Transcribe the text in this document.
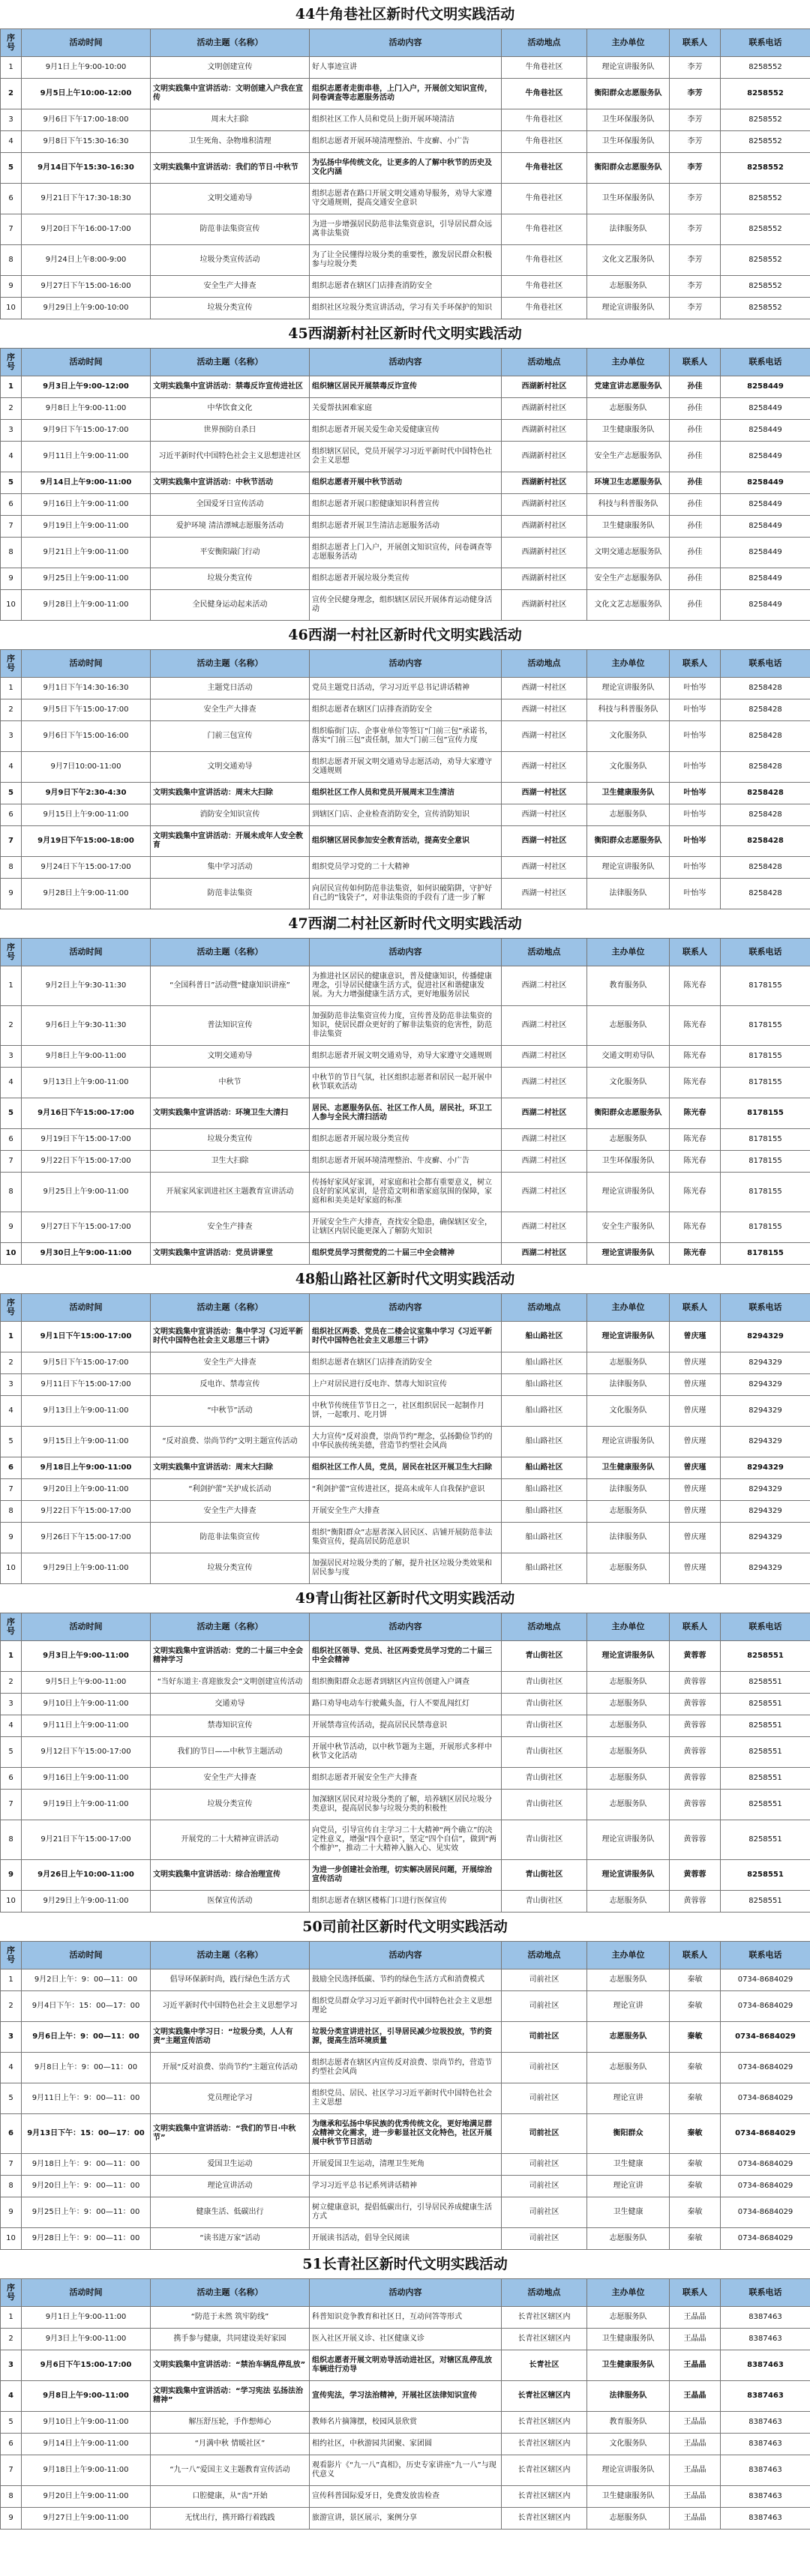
44牛角巷社区新时代文明实践活动
序号	活动时间	活动主题（名称）	活动内容	活动地点	主办单位	联系人	联系电话
1	9月1日上午9:00-10:00	文明创建宣传	好人事迹宣讲	牛角巷社区	理论宣讲服务队	李芳	8258552
2	9月5日上午10:00-12:00	文明实践集中宣讲活动：文明创建入户我在宣传	组织志愿者走街串巷，上门入户，开展创文知识宣传，问卷调查等志愿服务活动	牛角巷社区	衡阳群众志愿服务队	李芳	8258552
3	9月6日下午17:00-18:00	周末大扫除	组织社区工作人员和党员上街开展环境清洁	牛角巷社区	卫生环保服务队	李芳	8258552
4	9月8日下午15:30-16:30	卫生死角、杂物堆积清理	组织志愿者开展环境清理整治、牛皮癣、小广告	牛角巷社区	卫生环保服务队	李芳	8258552
5	9月14日下午15:30-16:30	文明实践集中宣讲活动：我们的节日·中秋节	为弘扬中华传统文化，让更多的人了解中秋节的历史及文化内涵	牛角巷社区	衡阳群众志愿服务队	李芳	8258552
6	9月21日下午17:30-18:30	文明交通劝导	组织志愿者在路口开展文明交通劝导服务，劝导大家遵守交通规则，提高交通安全意识	牛角巷社区	卫生环保服务队	李芳	8258552
7	9月20日下午16:00-17:00	防范非法集资宣传	为进一步增强居民防范非法集资意识，引导居民群众远离非法集资	牛角巷社区	法律服务队	李芳	8258552
8	9月24日上午8:00-9:00	垃圾分类宣传活动	为了让全民懂得垃圾分类的重要性，激发居民群众积极参与垃圾分类	牛角巷社区	文化文艺服务队	李芳	8258552
9	9月27日下午15:00-16:00	安全生产大排查	组织志愿者在辖区门店排查消防安全	牛角巷社区	志愿服务队	李芳	8258552
10	9月29日上午9:00-10:00	垃圾分类宣传	组织社区垃圾分类宣讲活动，学习有关手环保护的知识	牛角巷社区	理论宣讲服务队	李芳	8258552
45西湖新村社区新时代文明实践活动
序号	活动时间	活动主题（名称）	活动内容	活动地点	主办单位	联系人	联系电话
1	9月3日上午9:00-12:00	文明实践集中宣讲活动：禁毒反诈宣传进社区	组织辖区居民开展禁毒反诈宣传	西湖新村社区	党建宣讲志愿服务队	孙佳	8258449
2	9月8日上午9:00-11:00	中华饮食文化	关爱帮扶困难家庭	西湖新村社区	志愿服务队	孙佳	8258449
3	9月9日下午15:00-17:00	世界预防自杀日	组织志愿者开展关爱生命关爱健康宣传	西湖新村社区	卫生健康服务队	孙佳	8258449
4	9月11日上午9:00-11:00	习近平新时代中国特色社会主义思想进社区	组织辖区居民，党员开展学习习近平新时代中国特色社会主义思想	西湖新村社区	安全生产志愿服务队	孙佳	8258449
5	9月14日上午9:00-11:00	文明实践集中宣讲活动：中秋节活动	组织志愿者开展中秋节活动	西湖新村社区	环境卫生志愿服务队	孙佳	8258449
6	9月16日上午9:00-11:00	全国爱牙日宣传活动	组织志愿者开展口腔健康知识科普宣传	西湖新村社区	科技与科普服务队	孙佳	8258449
7	9月19日上午9:00-11:00	爱护环境 清洁漂城志愿服务活动	组织志愿者开展卫生清洁志愿服务活动	西湖新村社区	卫生健康服务队	孙佳	8258449
8	9月21日上午9:00-11:00	平安衡阳敲门行动	组织志愿者上门入户，开展创文知识宣传，问卷调查等志愿服务活动	西湖新村社区	文明交通志愿服务队	孙佳	8258449
9	9月25日上午9:00-11:00	垃圾分类宣传	组织志愿者开展垃圾分类宣传	西湖新村社区	安全生产志愿服务队	孙佳	8258449
10	9月28日上午9:00-11:00	全民健身运动起来活动	宣传全民健身理念，组织辖区居民开展体育运动健身活动	西湖新村社区	文化文艺志愿服务队	孙佳	8258449
46西湖一村社区新时代文明实践活动
序号	活动时间	活动主题（名称）	活动内容	活动地点	主办单位	联系人	联系电话
1	9月1日下午14:30-16:30	主题党日活动	党员主题党日活动，学习习近平总书记讲话精神	西湖一村社区	理论宣讲服务队	叶怡岑	8258428
2	9月5日下午15:00-17:00	安全生产大排查	组织志愿者在辖区门店排查消防安全	西湖一村社区	科技与科普服务队	叶怡岑	8258428
3	9月6日下午15:00-16:00	门前三包宣传	组织临街门店、企事业单位等签订“门前三包”承诺书，落实“门前三包”责任制，加大“门前三包”宣传力度	西湖一村社区	文化服务队	叶怡岑	8258428
4	9月7日10:00-11:00	文明交通劝导	组织志愿者开展文明交通劝导志愿活动，劝导大家遵守交通规则	西湖一村社区	文化服务队	叶怡岑	8258428
5	9月9日下午2:30-4:30	文明实践集中宣讲活动：周末大扫除	组织社区工作人员和党员开展周末卫生清洁	西湖一村社区	卫生健康服务队	叶怡岑	8258428
6	9月15日上午9:00-11:00	消防安全知识宣传	到辖区门店、企业检查消防安全，宣传消防知识	西湖一村社区	志愿服务队	叶怡岑	8258428
7	9月19日下午15:00-18:00	文明实践集中宣讲活动：开展未成年人安全教育	组织辖区居民参加安全教育活动，提高安全意识	西湖一村社区	衡阳群众志愿服务队	叶怡岑	8258428
8	9月24日下午15:00-17:00	集中学习活动	组织党员学习党的二十大精神	西湖一村社区	理论宣讲服务队	叶怡岑	8258428
9	9月28日上午9:00-11:00	防范非法集资	向居民宣传如何防范非法集资，如何识破陷阱，守护好自己的“钱袋子”，对非法集资的手段有了进一步了解	西湖一村社区	法律服务队	叶怡岑	8258428
47西湖二村社区新时代文明实践活动
序号	活动时间	活动主题（名称）	活动内容	活动地点	主办单位	联系人	联系电话
1	9月2日上午9:30-11:30	“全国科普日”活动暨“健康知识讲座”	为推进社区居民的健康意识，普及健康知识，传播健康理念，引导居民健康生活方式，促进社区和谐健康发展。为大力增强健康生活方式，更好地服务居民	西湖二村社区	教育服务队	陈光春	8178155
2	9月6日上午9:30-11:30	普法知识宣传	加强防范非法集资宣传力度，宣传普及防范非法集资的知识，使居民群众更好的了解非法集资的危害性，防范非法集资	西湖二村社区	志愿服务队	陈光春	8178155
3	9月8日上午9:00-11:00	文明交通劝导	组织志愿者开展文明交通劝导，劝导大家遵守交通规则	西湖二村社区	交通文明劝导队	陈光春	8178155
4	9月13日上午9:00-11:00	中秋节	中秋节的节日气氛，社区组织志愿者和居民一起开展中秋节联欢活动	西湖二村社区	文化服务队	陈光春	8178155
5	9月16日下午15:00-17:00	文明实践集中宣讲活动：环境卫生大清扫	居民、志愿服务队伍、社区工作人员，居民社，环卫工人参与全民大清扫活动	西湖二村社区	衡阳群众志愿服务队	陈光春	8178155
6	9月19日下午15:00-17:00	垃圾分类宣传	组织志愿者开展垃圾分类宣传	西湖二村社区	志愿服务队	陈光春	8178155
7	9月22日下午15:00-17:00	卫生大扫除	组织志愿者开展环境清理整治、牛皮癣、小广告	西湖二村社区	卫生环保服务队	陈光春	8178155
8	9月25日上午9:00-11:00	开展家风家训进社区主题教育宣讲活动	传扬好家风好家训，对家庭和社会都有重要意义，树立良好的家风家训，是营造文明和谐家庭氛围的保障，家庭和和美美是好家庭的标准	西湖二村社区	理论宣讲服务队	陈光春	8178155
9	9月27日下午15:00-17:00	安全生产排查	开展安全生产大排查，查找安全隐患，确保辖区安全，让辖区内居民能更深入了解防火知识	西湖二村社区	安全生产服务队	陈光春	8178155
10	9月30日上午9:00-11:00	文明实践集中宣讲活动：党员讲课堂	组织党员学习贯彻党的二十届三中全会精神	西湖二村社区	理论宣讲服务队	陈光春	8178155
48船山路社区新时代文明实践活动
序号	活动时间	活动主题（名称）	活动内容	活动地点	主办单位	联系人	联系电话
1	9月1日下午15:00-17:00	文明实践集中宣讲活动：集中学习《习近平新时代中国特色社会主义思想三十讲》	组织社区两委、党员在二楼会议室集中学习《习近平新时代中国特色社会主义思想三十讲》	船山路社区	理论宣讲服务队	曾庆瑾	8294329
2	9月5日下午15:00-17:00	安全生产大排查	组织志愿者在辖区门店排查消防安全	船山路社区	志愿服务队	曾庆瑾	8294329
3	9月11日下午15:00-17:00	反电诈、禁毒宣传	上户对居民进行反电诈、禁毒大知识宣传	船山路社区	法律服务队	曾庆瑾	8294329
4	9月13日上午9:00-11:00	“中秋节”活动	中秋节传统佳节节日之一，社区组织居民一起制作月饼，一起歌月、吃月饼	船山路社区	文化服务队	曾庆瑾	8294329
5	9月15日上午9:00-11:00	“反对浪费、崇尚节约”文明主题宣传活动	大力宣传“反对浪费，崇尚节约”理念，弘扬勤俭节约的中华民族传统美德，营造节约型社会风尚	船山路社区	理论宣讲服务队	曾庆瑾	8294329
6	9月18日上午9:00-11:00	文明实践集中宣讲活动：周末大扫除	组织社区工作人员，党员，居民在社区开展卫生大扫除	船山路社区	卫生健康服务队	曾庆瑾	8294329
7	9月20日上午9:00-11:00	“利剑护蕾”关护成长活动	“利剑护蕾”宣传进社区，提高未成年人自我保护意识	船山路社区	法律服务队	曾庆瑾	8294329
8	9月22日下午15:00-17:00	安全生产大排查	开展安全生产大排查	船山路社区	志愿服务队	曾庆瑾	8294329
9	9月26日下午15:00-17:00	防范非法集资宣传	组织“衡阳群众”志愿者深入居民区、店铺开展防范非法集资宣传，提高居民防范意识	船山路社区	法律服务队	曾庆瑾	8294329
10	9月29日上午9:00-11:00	垃圾分类宣传	加强居民对垃圾分类的了解，提升社区垃圾分类效果和居民参与度	船山路社区	志愿服务队	曾庆瑾	8294329
49青山街社区新时代文明实践活动
序号	活动时间	活动主题（名称）	活动内容	活动地点	主办单位	联系人	联系电话
1	9月3日上午9:00-11:00	文明实践集中宣讲活动：党的二十届三中全会精神学习	组织社区领导、党员、社区两委党员学习党的二十届三中全会精神	青山街社区	理论宣讲服务队	黄蓉蓉	8258551
2	9月5日上午9:00-11:00	“当好东道主·喜迎旅发会”文明创建宣传活动	组织衡阳群众志愿者到辖区内宣传创建入户调查	青山街社区	志愿服务队	黄蓉蓉	8258551
3	9月10日上午9:00-11:00	交通劝导	路口劝导电动车行驶戴头盔，行人不要乱闯红灯	青山街社区	志愿服务队	黄蓉蓉	8258551
4	9月11日上午9:00-11:00	禁毒知识宣传	开展禁毒宣传活动，提高居民民禁毒意识	青山街社区	志愿服务队	黄蓉蓉	8258551
5	9月12日下午15:00-17:00	我们的节日——中秋节主题活动	开展中秋节活动，以中秋节题为主题，开展形式多样中秋节文化活动	青山街社区	志愿服务队	黄蓉蓉	8258551
6	9月16日上午9:00-11:00	安全生产大排查	组织志愿者开展安全生产大排查	青山街社区	志愿服务队	黄蓉蓉	8258551
7	9月19日上午9:00-11:00	垃圾分类宣传	加深辖区居民对垃圾分类的了解，培养辖区居民垃圾分类意识，提高居民参与垃圾分类的积极性	青山街社区	志愿服务队	黄蓉蓉	8258551
8	9月21日下午15:00-17:00	开展党的二十大精神宣讲活动	向党员，引导宣传自主学习二十大精神“两个确立”的决定性意义，增强“四个意识”，坚定“四个自信”，做到“两个维护”，推动二十大精神入脑入心、见实效	青山街社区	理论宣讲服务队	黄蓉蓉	8258551
9	9月26日上午10:00-11:00	文明实践集中宣讲活动：综合治理宣传	为进一步创建社会治理，切实解决居民问题，开展综治宣传活动	青山街社区	理论宣讲服务队	黄蓉蓉	8258551
10	9月29日上午9:00-11:00	医保宣传活动	组织志愿者在辖区楼栋门口进行医保宣传	青山街社区	志愿服务队	黄蓉蓉	8258551
50司前社区新时代文明实践活动
序号	活动时间	活动主题（名称）	活动内容	活动地点	主办单位	联系人	联系电话
1	9月2日上午：9：00—11：00	倡导环保新时尚，践行绿色生活方式	鼓励全民选择低碳、节约的绿色生活方式和消费模式	司前社区	志愿服务队	秦敏	0734-8684029
2	9月4日下午：15：00—17：00	习近平新时代中国特色社会主义思想学习	组织党员群众学习习近平新时代中国特色社会主义思想理论	司前社区	理论宣讲	秦敏	0734-8684029
3	9月6日上午：9：00—11：00	文明实践集中学习日：“垃圾分类，人人有责”主题宣传活动	垃圾分类宣讲进社区，引导居民减少垃圾投放，节约资源，提高生活环境质量	司前社区	志愿服务队	秦敏	0734-8684029
4	9月8日上午：9：00—11：00	开展“反对浪费、崇尚节约”主题宣传活动	组织志愿者在辖区内宣传反对浪费、崇尚节约，营造节约型社会风尚	司前社区	志愿服务队	秦敏	0734-8684029
5	9月11日上午：9：00—11：00	党员理论学习	组织党员、居民、社区学习习近平新时代中国特色社会主义思想	司前社区	理论宣讲	秦敏	0734-8684029
6	9月13日下午：15：00—17：00	文明实践集中宣讲活动：“我们的节日·中秋节”	为继承和弘扬中华民族的优秀传统文化，更好地满足群众精神文化需求，进一步彰显社区文化特色，社区开展展中秋节节日活动	司前社区	衡阳群众	秦敏	0734-8684029
7	9月18日上午：9：00—11：00	爱国卫生运动	开展爱国卫生运动，清理卫生死角	司前社区	卫生健康	秦敏	0734-8684029
8	9月20日上午：9：00—11：00	理论宣讲活动	学习习近平总书记系列讲话精神	司前社区	理论宣讲	秦敏	0734-8684029
9	9月25日上午：9：00—11：00	健康生活、低碳出行	树立健康意识，提倡低碳出行，引导居民养成健康生活方式	司前社区	卫生健康	秦敏	0734-8684029
10	9月28日上午：9：00—11：00	“读书进万家”活动	开展读书活动，倡导全民阅读	司前社区	志愿服务队	秦敏	0734-8684029
51长青社区新时代文明实践活动
序号	活动时间	活动主题（名称）	活动内容	活动地点	主办单位	联系人	联系电话
1	9月1日上午9:00-11:00	“防范于未然 筑牢防线”	科普知识竞争教育和社区日，互动问答等形式	长青社区辖区内	志愿服务队	王晶晶	8387463
2	9月3日上午9:00-11:00	携手参与健康，共同建设美好家园	医入社区开展义诊、社区健康义诊	长青社区辖区内	卫生健康服务队	王晶晶	8387463
3	9月6日下午15:00-17:00	文明实践集中宣讲活动：“禁治车辆乱停乱放”	组织志愿者开展文明劝导活动进社区，对辖区乱停乱放车辆进行劝导	长青社区	卫生健康服务队	王晶晶	8387463
4	9月8日上午9:00-11:00	文明实践集中宣讲活动：“学习宪法 弘扬法治精神”	宣传宪法，学习法治精神，开展社区法律知识宣传	长青社区辖区内	法律服务队	王晶晶	8387463
5	9月10日上午9:00-11:00	解压舒压轮，手作想师心	教师名片摘簿摆，校园风景欣赏	长青社区辖区内	教育服务队	王晶晶	8387463
6	9月14日上午9:00-11:00	“月满中秋 情暖社区”	相约社区，中秋游园共团聚、家团圆	长青社区辖区内	文化服务队	王晶晶	8387463
7	9月18日上午9:00-11:00	“九一八”爱国主义主题教育宣传活动	观看影片《“九一八”真相》，历史专家讲座“九一八”与现代意义	长青社区辖区内	理论宣讲服务队	王晶晶	8387463
8	9月20日上午9:00-11:00	口腔健康，从“齿”开始	宣传科普国际爱牙日，免费发放齿检查	长青社区辖区内	卫生健康服务队	王晶晶	8387463
9	9月27日上午9:00-11:00	无忧出行，携开路行着践践	旅游宣讲，景区展示，案例分享	长青社区辖区内	志愿服务队	王晶晶	8387463
